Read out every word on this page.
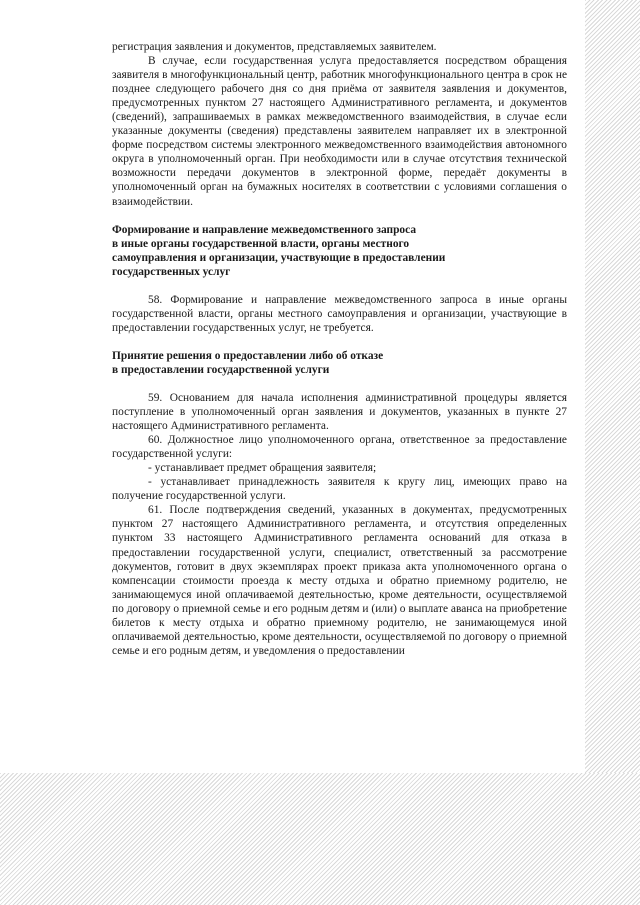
регистрация заявления и документов, представляемых заявителем.

В случае, если государственная услуга предоставляется посредством обращения заявителя в многофункциональный центр, работник многофункционального центра в срок не позднее следующего рабочего дня со дня приёма от заявителя заявления и документов, предусмотренных пунктом 27 настоящего Административного регламента, и документов (сведений), запрашиваемых в рамках межведомственного взаимодействия, в случае если указанные документы (сведения) представлены заявителем направляет их в электронной форме посредством системы электронного межведомственного взаимодействия автономного округа в уполномоченный орган. При необходимости или в случае отсутствия технической возможности передачи документов в электронной форме, передаёт документы в уполномоченный орган на бумажных носителях в соответствии с условиями соглашения о взаимодействии.

Формирование и направление межведомственного запроса

в иные органы государственной власти, органы местного

самоуправления и организации, участвующие в предоставлении

государственных услуг

58. Формирование и направление межведомственного запроса в иные органы государственной власти, органы местного самоуправления и организации, участвующие в предоставлении государственных услуг, не требуется.

Принятие решения о предоставлении либо об отказе

в предоставлении государственной услуги

59. Основанием для начала исполнения административной процедуры является поступление в уполномоченный орган заявления и документов, указанных в пункте 27 настоящего Административного регламента.

60. Должностное лицо уполномоченного органа, ответственное за предоставление государственной услуги:

- устанавливает предмет обращения заявителя;

- устанавливает принадлежность заявителя к кругу лиц, имеющих право на получение государственной услуги.

61. После подтверждения сведений, указанных в документах, предусмотренных пунктом 27 настоящего Административного регламента, и отсутствия определенных пунктом 33 настоящего Административного регламента оснований для отказа в предоставлении государственной услуги, специалист, ответственный за рассмотрение документов, готовит в двух экземплярах проект приказа акта уполномоченного органа о компенсации стоимости проезда к месту отдыха и обратно приемному родителю, не занимающемуся иной оплачиваемой деятельностью, кроме деятельности, осуществляемой по договору о приемной семье и его родным детям и (или) о выплате аванса на приобретение билетов к месту отдыха и обратно приемному родителю, не занимающемуся иной оплачиваемой деятельностью, кроме деятельности, осуществляемой по договору о приемной семье и его родным детям, и уведомления о предоставлении
